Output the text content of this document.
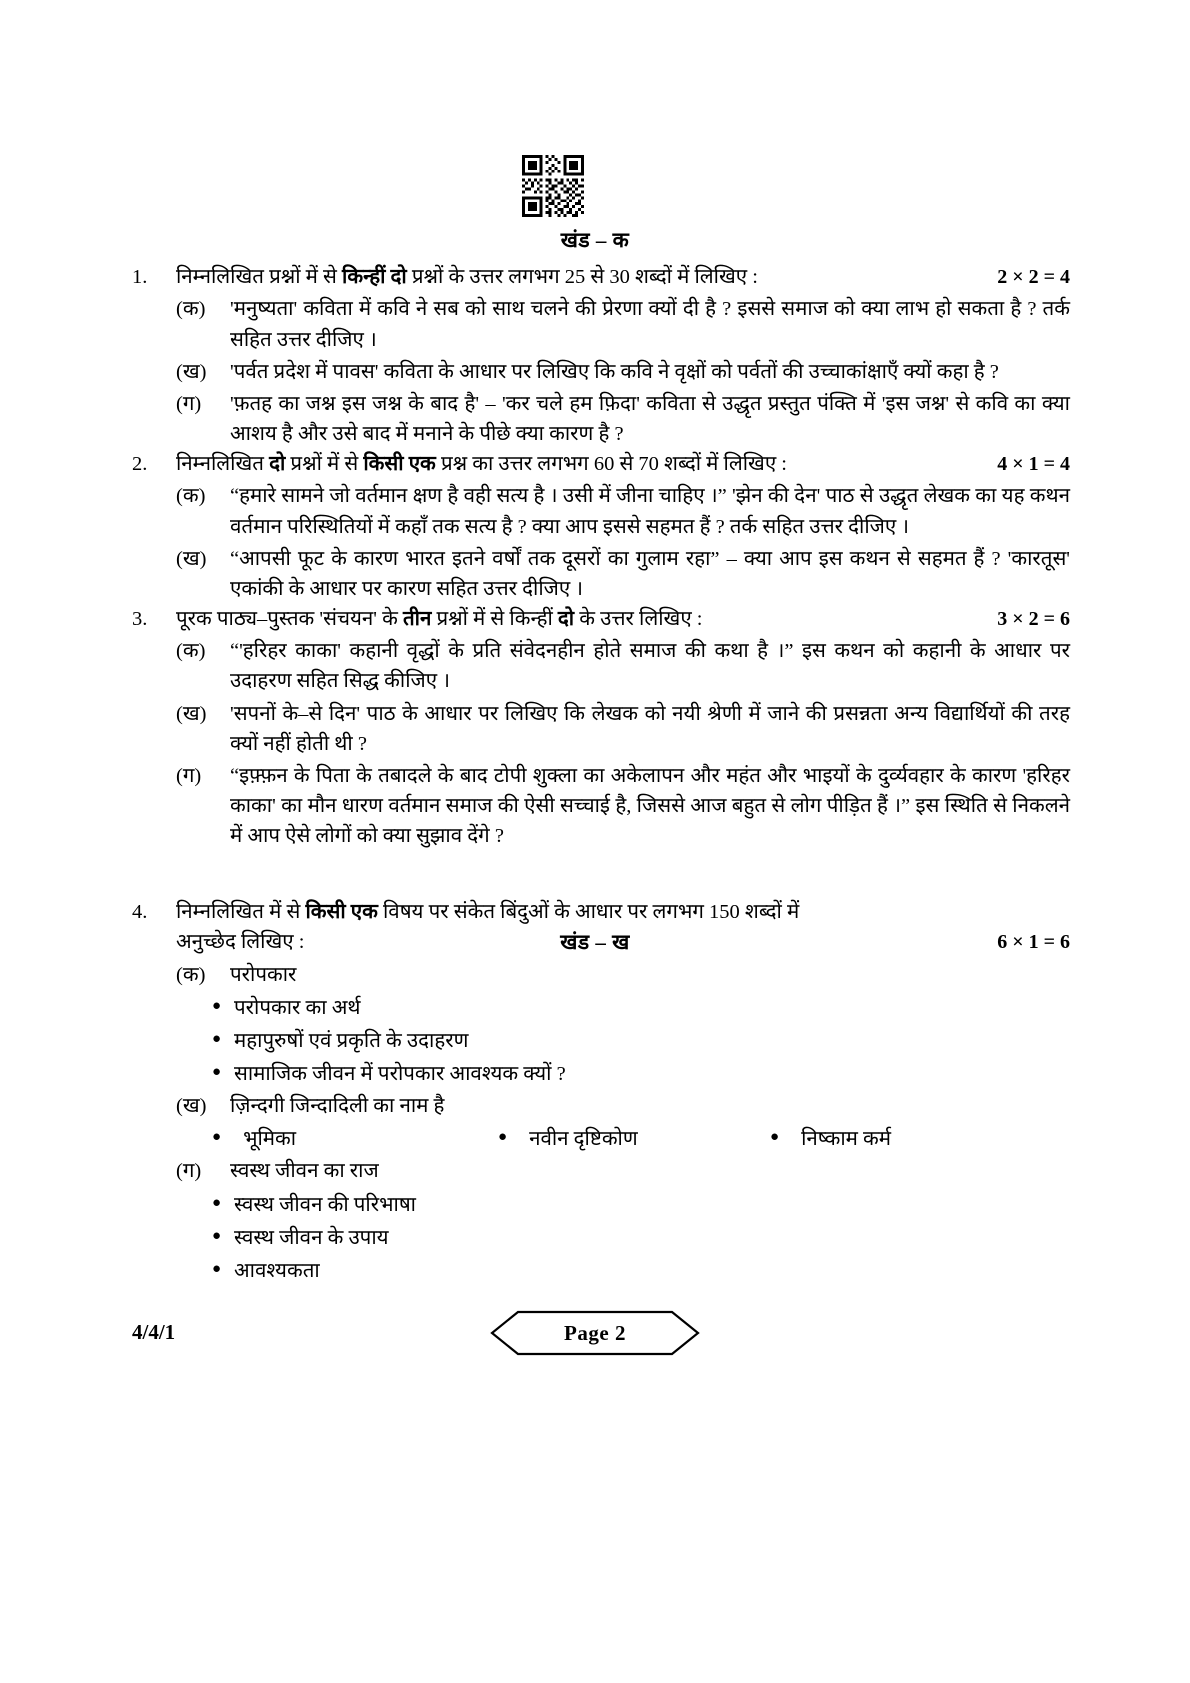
खंड – क
1.	निम्नलिखित प्रश्नों में से किन्हीं दो प्रश्नों के उत्तर लगभग 25 से 30 शब्दों में लिखिए :	2 × 2 = 4
(क)	'मनुष्यता' कविता में कवि ने सब को साथ चलने की प्रेरणा क्यों दी है ? इससे समाज को क्या लाभ हो सकता है ? तर्क सहित उत्तर दीजिए ।
(ख)	'पर्वत प्रदेश में पावस' कविता के आधार पर लिखिए कि कवि ने वृक्षों को पर्वतों की उच्चाकांक्षाएँ क्यों कहा है ?
(ग)	'फ़तह का जश्न इस जश्न के बाद है' – 'कर चले हम फ़िदा' कविता से उद्धृत प्रस्तुत पंक्ति में 'इस जश्न' से कवि का क्या आशय है और उसे बाद में मनाने के पीछे क्या कारण है ?
2.	निम्नलिखित दो प्रश्नों में से किसी एक प्रश्न का उत्तर लगभग 60 से 70 शब्दों में लिखिए :	4 × 1 = 4
(क)	“हमारे सामने जो वर्तमान क्षण है वही सत्य है । उसी में जीना चाहिए ।” 'झेन की देन' पाठ से उद्धृत लेखक का यह कथन वर्तमान परिस्थितियों में कहाँ तक सत्य है ? क्या आप इससे सहमत हैं ? तर्क सहित उत्तर दीजिए ।
(ख)	“आपसी फूट के कारण भारत इतने वर्षों तक दूसरों का गुलाम रहा” – क्या आप इस कथन से सहमत हैं ? 'कारतूस' एकांकी के आधार पर कारण सहित उत्तर दीजिए ।
3.	पूरक पाठ्य–पुस्तक 'संचयन' के तीन प्रश्नों में से किन्हीं दो के उत्तर लिखिए :	3 × 2 = 6
(क)	“'हरिहर काका' कहानी वृद्धों के प्रति संवेदनहीन होते समाज की कथा है ।” इस कथन को कहानी के आधार पर उदाहरण सहित सिद्ध कीजिए ।
(ख)	'सपनों के–से दिन' पाठ के आधार पर लिखिए कि लेखक को नयी श्रेणी में जाने की प्रसन्नता अन्य विद्यार्थियों की तरह क्यों नहीं होती थी ?
(ग)	“इफ़्फ़न के पिता के तबादले के बाद टोपी शुक्ला का अकेलापन और महंत और भाइयों के दुर्व्यवहार के कारण 'हरिहर काका' का मौन धारण वर्तमान समाज की ऐसी सच्चाई है, जिससे आज बहुत से लोग पीड़ित हैं ।” इस स्थिति से निकलने में आप ऐसे लोगों को क्या सुझाव देंगे ?
4.	निम्नलिखित में से किसी एक विषय पर संकेत बिंदुओं के आधार पर लगभग 150 शब्दों में
अनुच्छेद लिखिए :	6 × 1 = 6
(क)	परोपकार
● परोपकार का अर्थ
● महापुरुषों एवं प्रकृति के उदाहरण
● सामाजिक जीवन में परोपकार आवश्यक क्यों ?
(ख)	ज़िन्दगी जिन्दादिली का नाम है
●	भूमिका	●	नवीन दृष्टिकोण	●	निष्काम कर्म
(ग)	स्वस्थ जीवन का राज
● स्वस्थ जीवन की परिभाषा
● स्वस्थ जीवन के उपाय
● आवश्यकता
खंड – ख
4/4/1	Page 2
